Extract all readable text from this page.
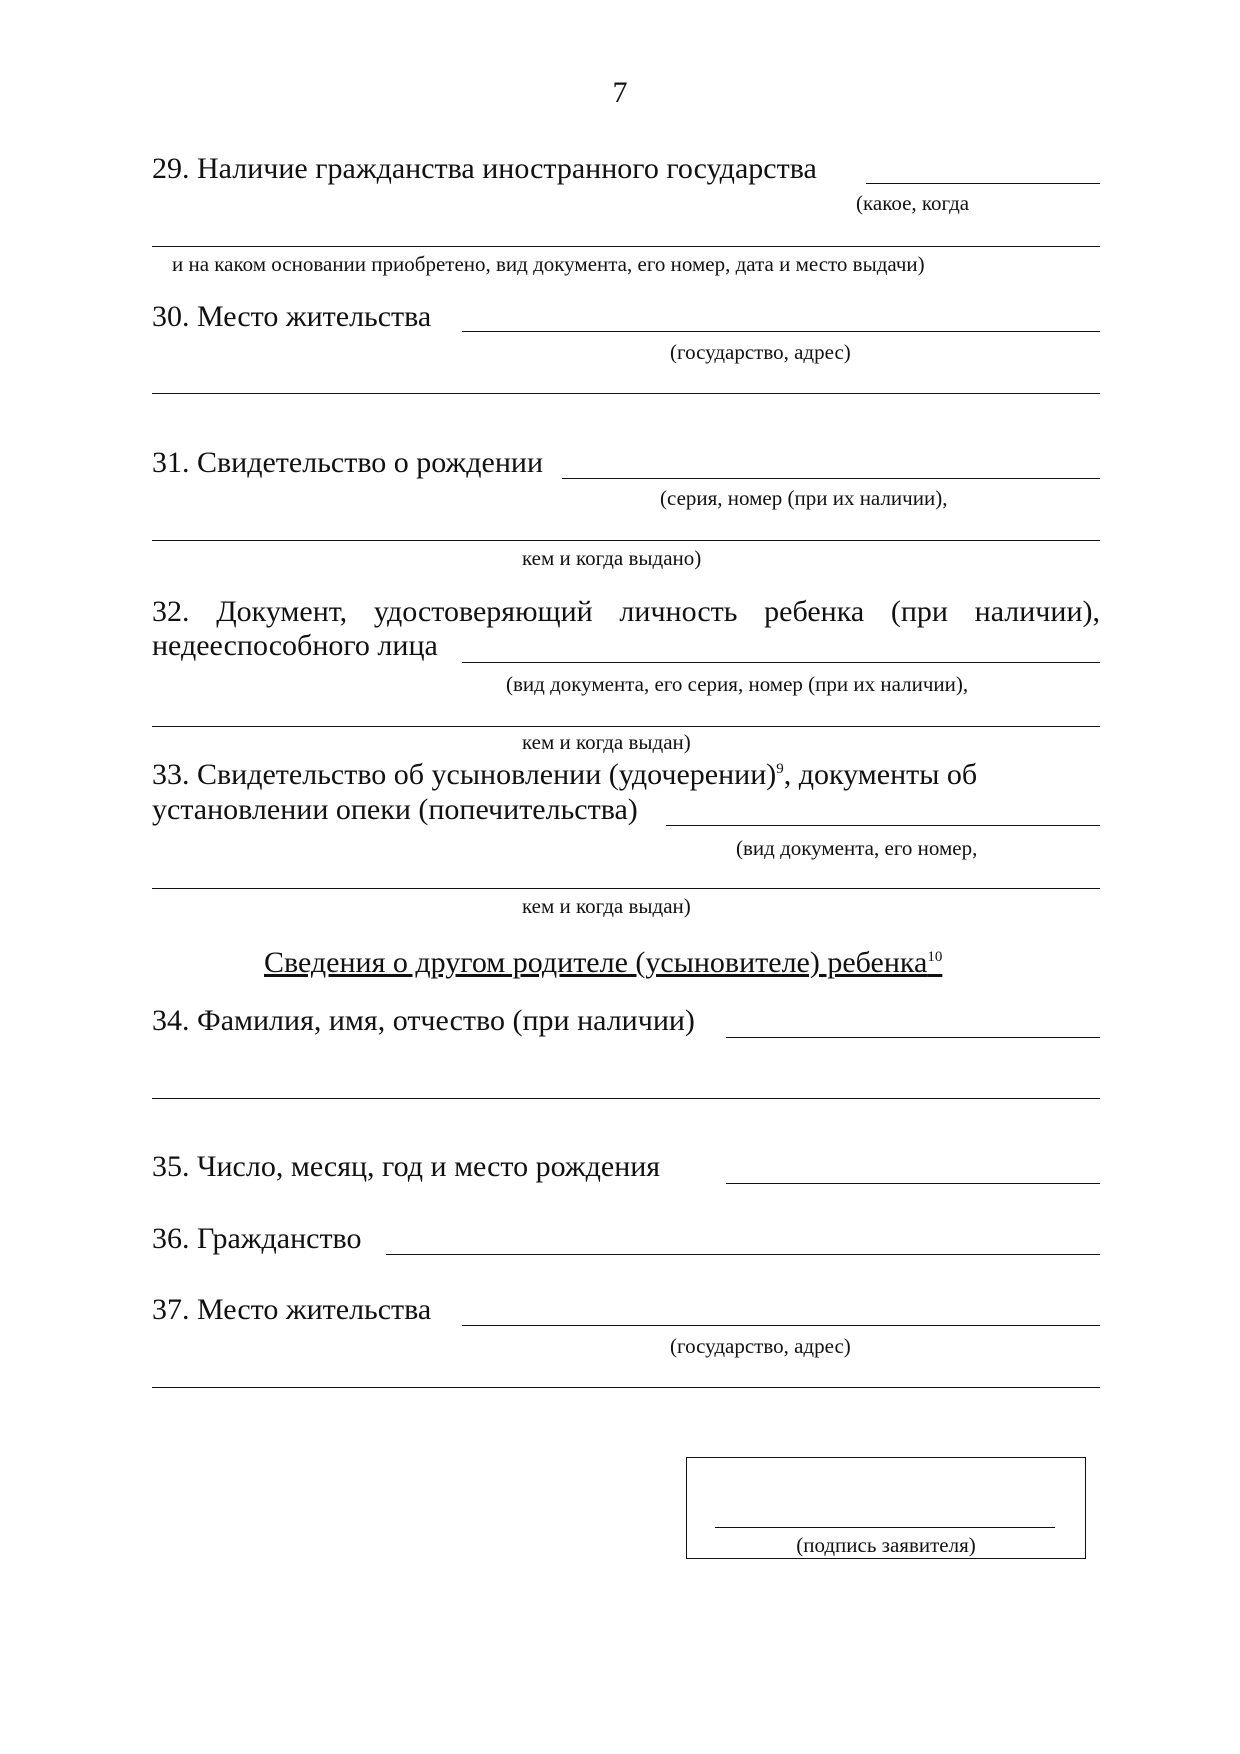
7
29. Наличие гражданства иностранного государства
(какое, когда
и на каком основании приобретено, вид документа, его номер, дата и место выдачи)
30. Место жительства
(государство, адрес)
31. Свидетельство о рождении
(серия, номер (при их наличии),
кем и когда выдано)
32. Документ, удостоверяющий личность ребенка (при наличии),
недееспособного лица
(вид документа, его серия, номер (при их наличии),
кем и когда выдан)
33. Свидетельство об усыновлении (удочерении)$^9$, документы об
установлении опеки (попечительства)
(вид документа, его номер,
кем и когда выдан)
Сведения о другом родителе (усыновителе) ребенка$^{10}$
34. Фамилия, имя, отчество (при наличии)
35. Число, месяц, год и место рождения
36. Гражданство
37. Место жительства
(государство, адрес)
(подпись заявителя)
